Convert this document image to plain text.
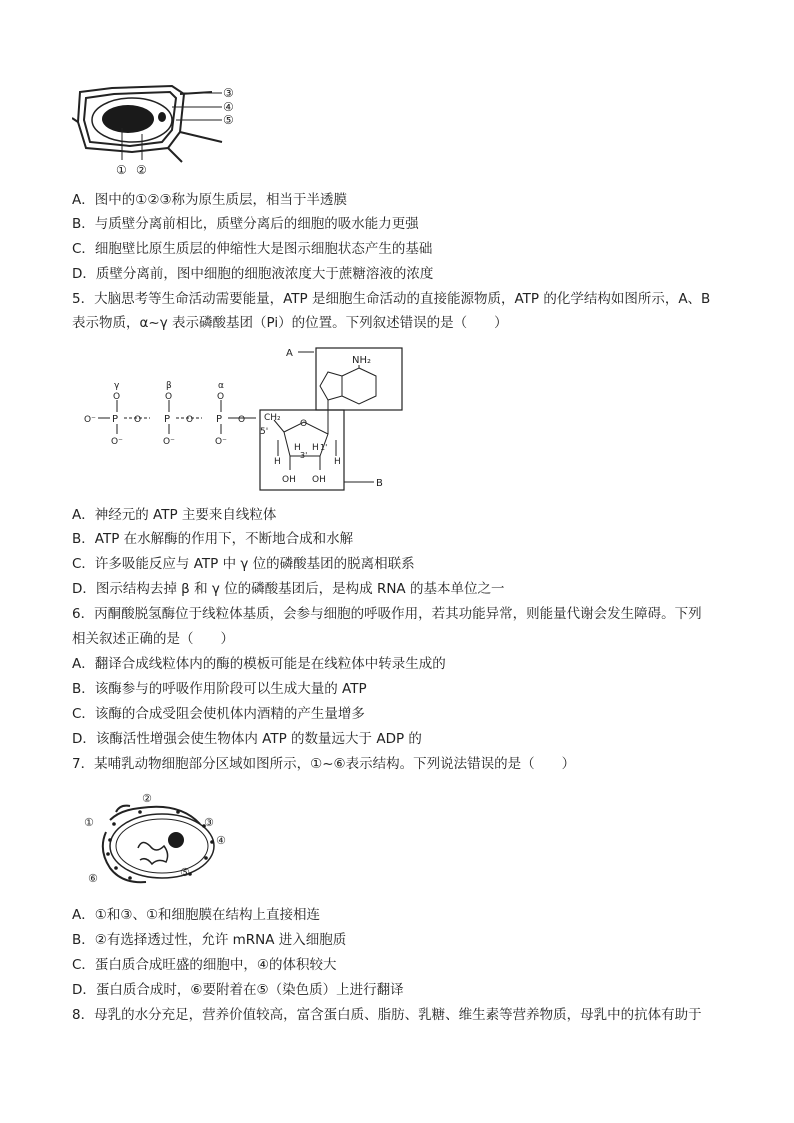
③
④
⑤
① ②
A．图中的①②③称为原生质层，相当于半透膜
B．与质壁分离前相比，质壁分离后的细胞的吸水能力更强
C．细胞壁比原生质层的伸缩性大是图示细胞状态产生的基础
D．质壁分离前，图中细胞的细胞液浓度大于蔗糖溶液的浓度
5．大脑思考等生命活动需要能量，ATP 是细胞生命活动的直接能源物质，ATP 的化学结构如图所示，A、B
表示物质，α~γ 表示磷酸基团（Pi）的位置。下列叙述错误的是（　　）
A
NH₂
B
O
CH₂
5'
H
H
3'
H 1'
H
OH OH
γ	β	α
O	O	O
O⁻ P	P	P
O	O	O
O⁻	O⁻	O⁻
A．神经元的 ATP 主要来自线粒体
B．ATP 在水解酶的作用下，不断地合成和水解
C．许多吸能反应与 ATP 中 γ 位的磷酸基团的脱离相联系
D．图示结构去掉 β 和 γ 位的磷酸基团后，是构成 RNA 的基本单位之一
6．丙酮酸脱氢酶位于线粒体基质，会参与细胞的呼吸作用，若其功能异常，则能量代谢会发生障碍。下列
相关叙述正确的是（　　）
A．翻译合成线粒体内的酶的模板可能是在线粒体中转录生成的
B．该酶参与的呼吸作用阶段可以生成大量的 ATP
C．该酶的合成受阻会使机体内酒精的产生量增多
D．该酶活性增强会使生物体内 ATP 的数量远大于 ADP 的
7．某哺乳动物细胞部分区域如图所示，①~⑥表示结构。下列说法错误的是（　　）
①
②
③
④
⑤
⑥
A．①和③、①和细胞膜在结构上直接相连
B．②有选择透过性，允许 mRNA 进入细胞质
C．蛋白质合成旺盛的细胞中，④的体积较大
D．蛋白质合成时，⑥要附着在⑤（染色质）上进行翻译
8．母乳的水分充足，营养价值较高，富含蛋白质、脂肪、乳糖、维生素等营养物质，母乳中的抗体有助于
